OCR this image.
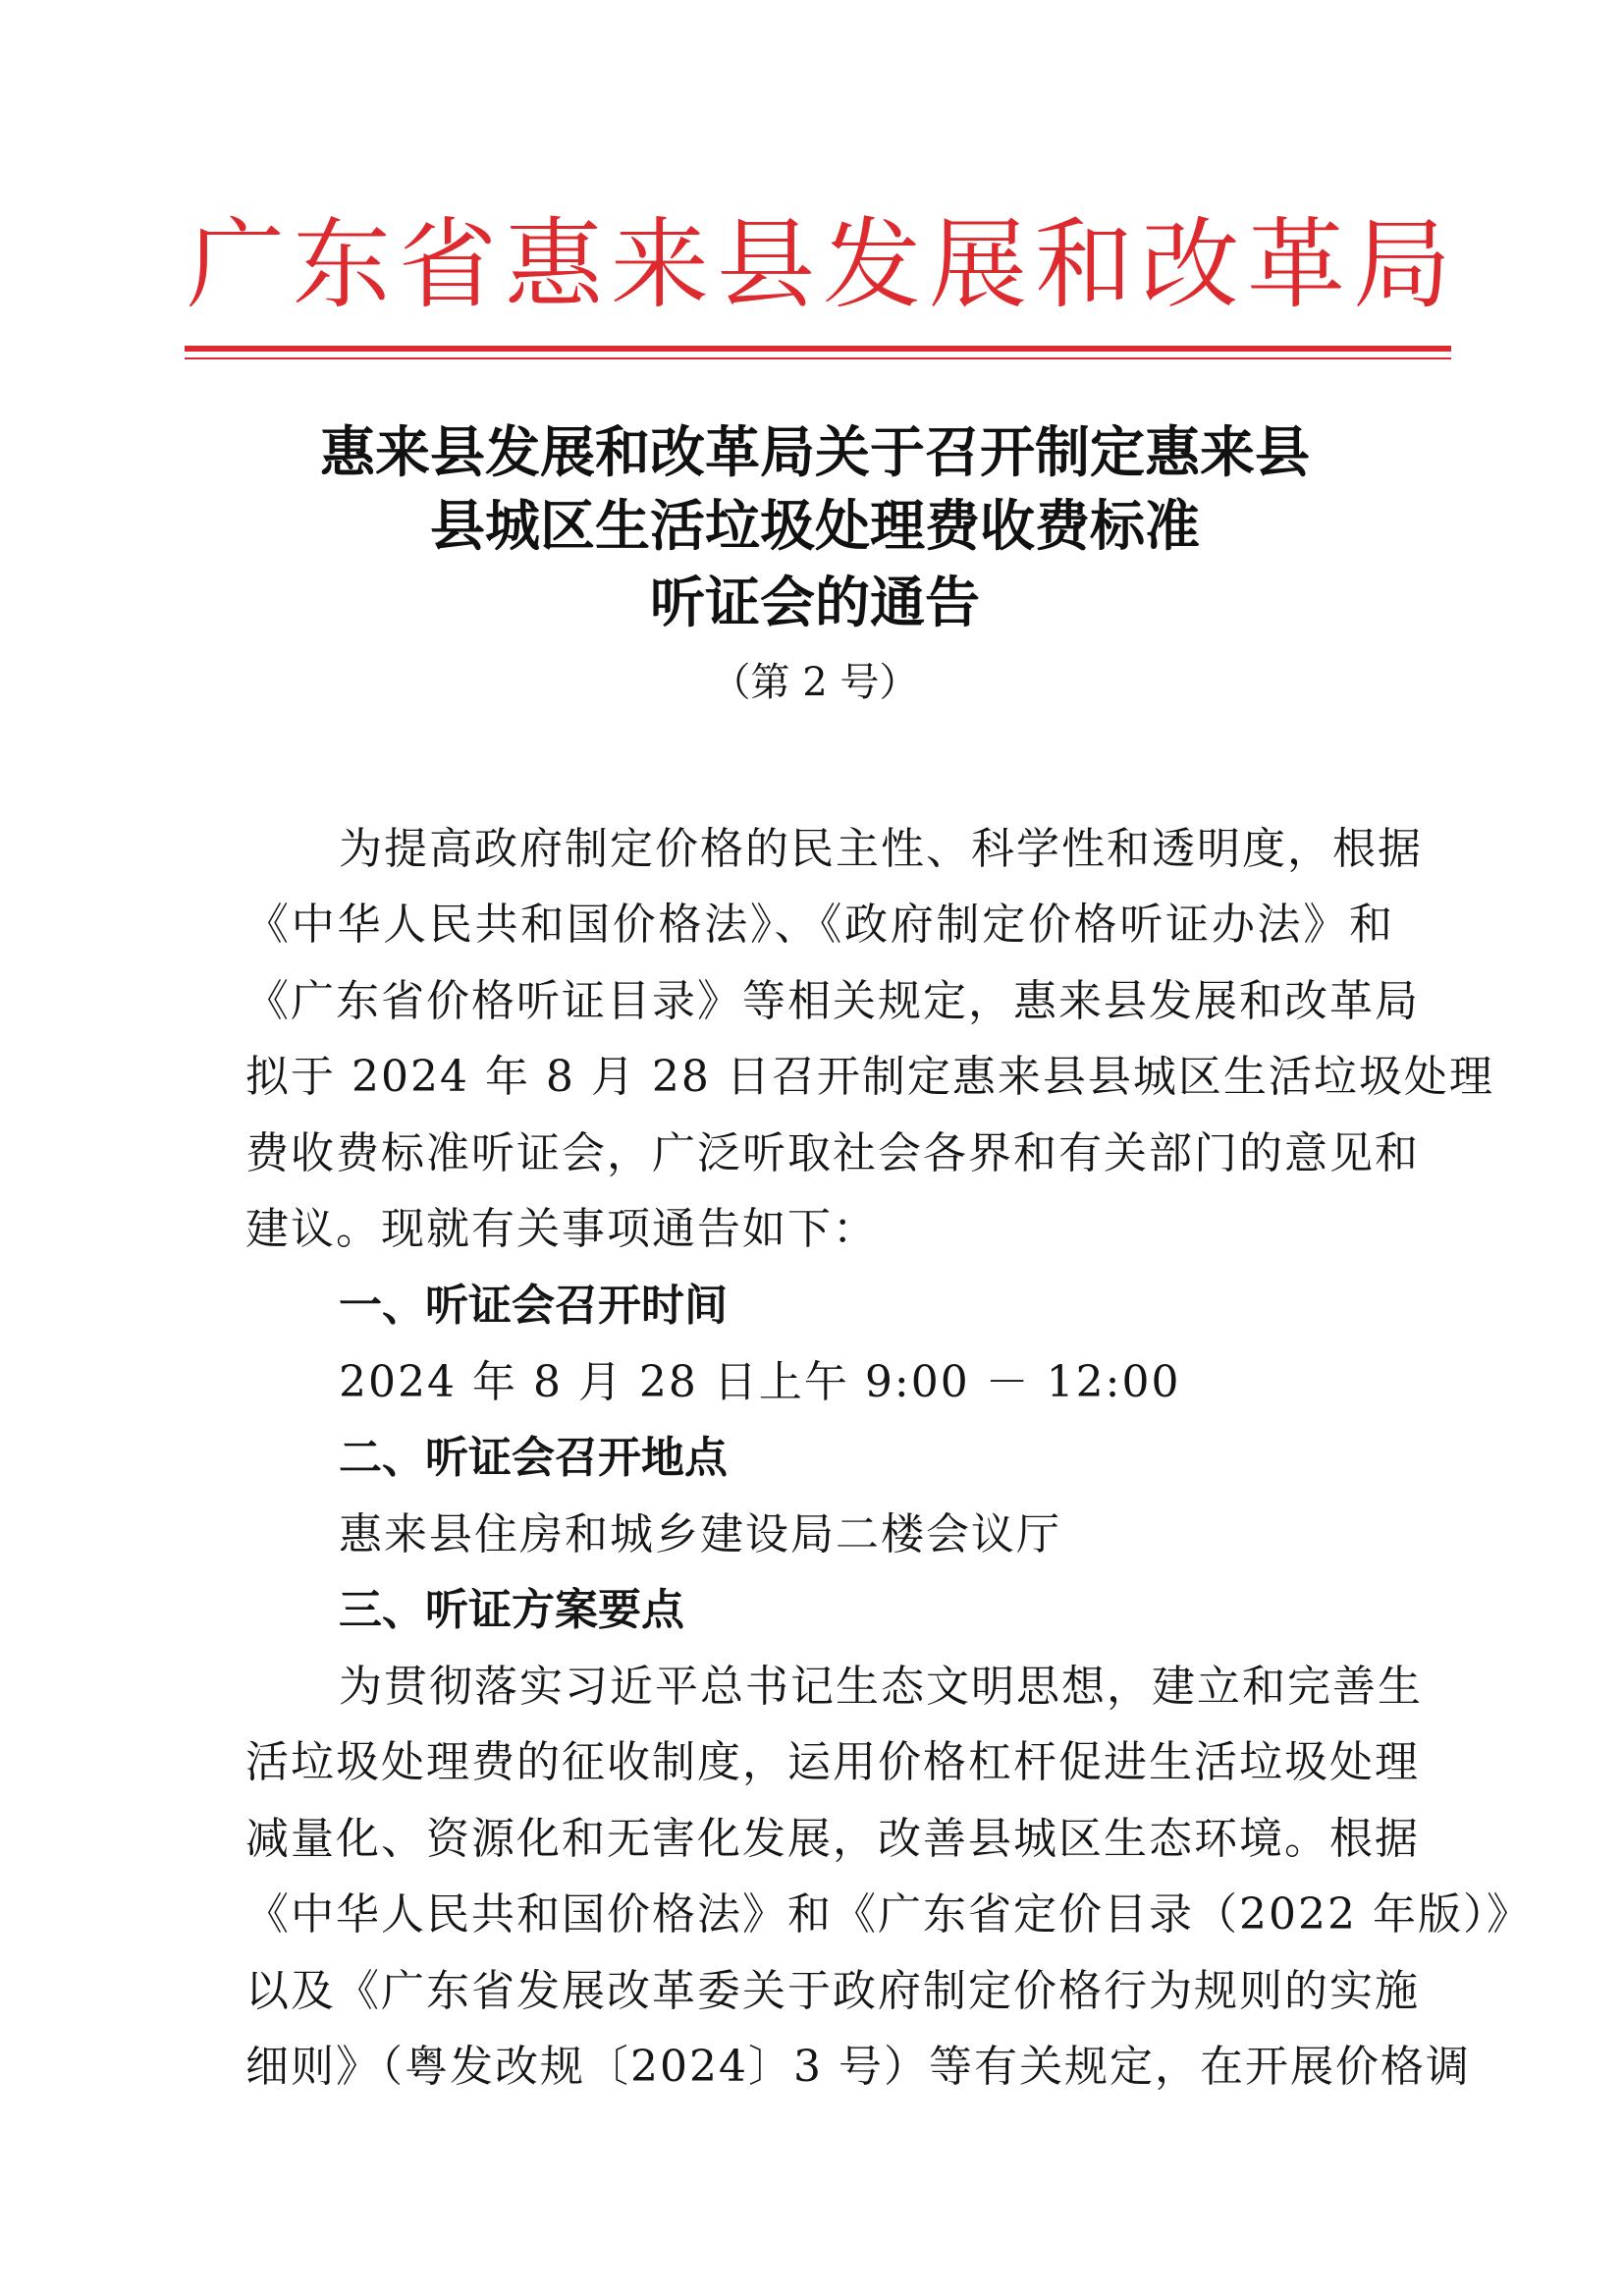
广东省惠来县发展和改革局
惠来县发展和改革局关于召开制定惠来县
县城区生活垃圾处理费收费标准
听证会的通告
（第 2 号）
为提高政府制定价格的民主性、科学性和透明度，根据
《中华人民共和国价格法》、《政府制定价格听证办法》和
《广东省价格听证目录》等相关规定，惠来县发展和改革局
拟于 2024 年 8 月 28 日召开制定惠来县县城区生活垃圾处理
费收费标准听证会，广泛听取社会各界和有关部门的意见和
建议。现就有关事项通告如下：
一、听证会召开时间
2024 年 8 月 28 日上午 9:00 － 12:00
二、听证会召开地点
惠来县住房和城乡建设局二楼会议厅
三、听证方案要点
为贯彻落实习近平总书记生态文明思想，建立和完善生
活垃圾处理费的征收制度，运用价格杠杆促进生活垃圾处理
减量化、资源化和无害化发展，改善县城区生态环境。根据
《中华人民共和国价格法》和《广东省定价目录（2022 年版）》
以及《广东省发展改革委关于政府制定价格行为规则的实施
细则》（粤发改规〔2024〕3 号）等有关规定，在开展价格调
